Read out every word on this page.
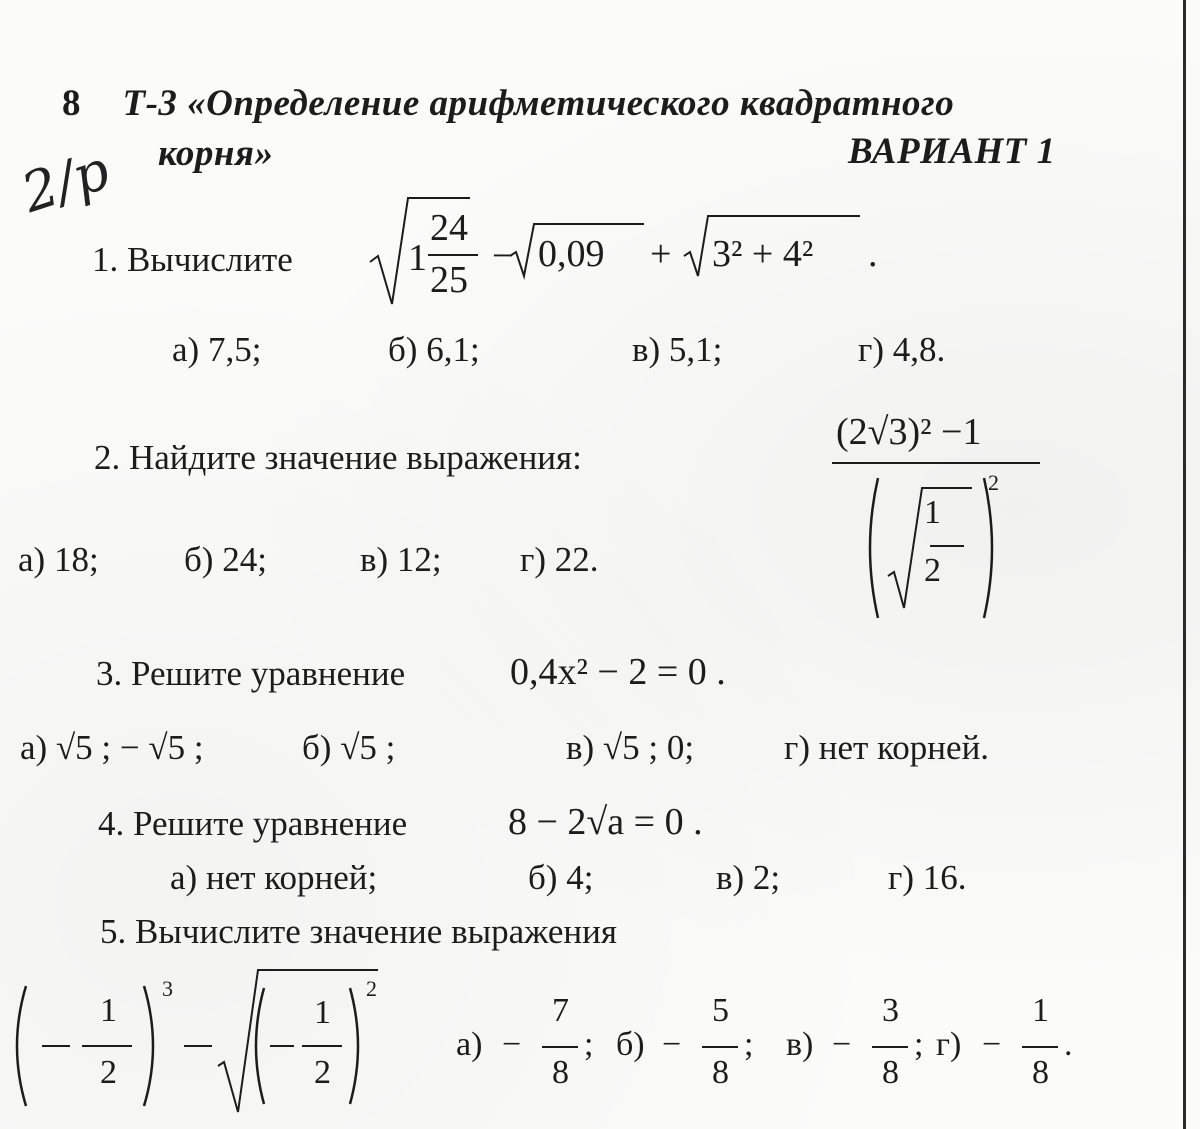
8 Т-3 «Определение арифметического квадратного
корня»	ВАРИАНТ 1
2/p
1. Вычислите	1
24
25
− 0,09 + 3² + 4² .
а) 7,5;	б) 6,1;	в) 5,1;	г) 4,8.
2. Найдите значение выражения:
(2√3)² −1
1
2
2
а) 18; б) 24;	в) 12; г) 22.
3. Решите уравнение	0,4x² − 2 = 0 .
а) √5 ; − √5 ;	б) √5 ;	в) √5 ; 0;	г) нет корней.
4. Решите уравнение	8 − 2√a = 0 .
а) нет корней;	б) 4;	в) 2;	г) 16.
5. Вычислите значение выражения
1
2
3
1
2
2
а) −
7
8
; б) −
5
8
; в) −
3
8
; г) −
1
8
.
